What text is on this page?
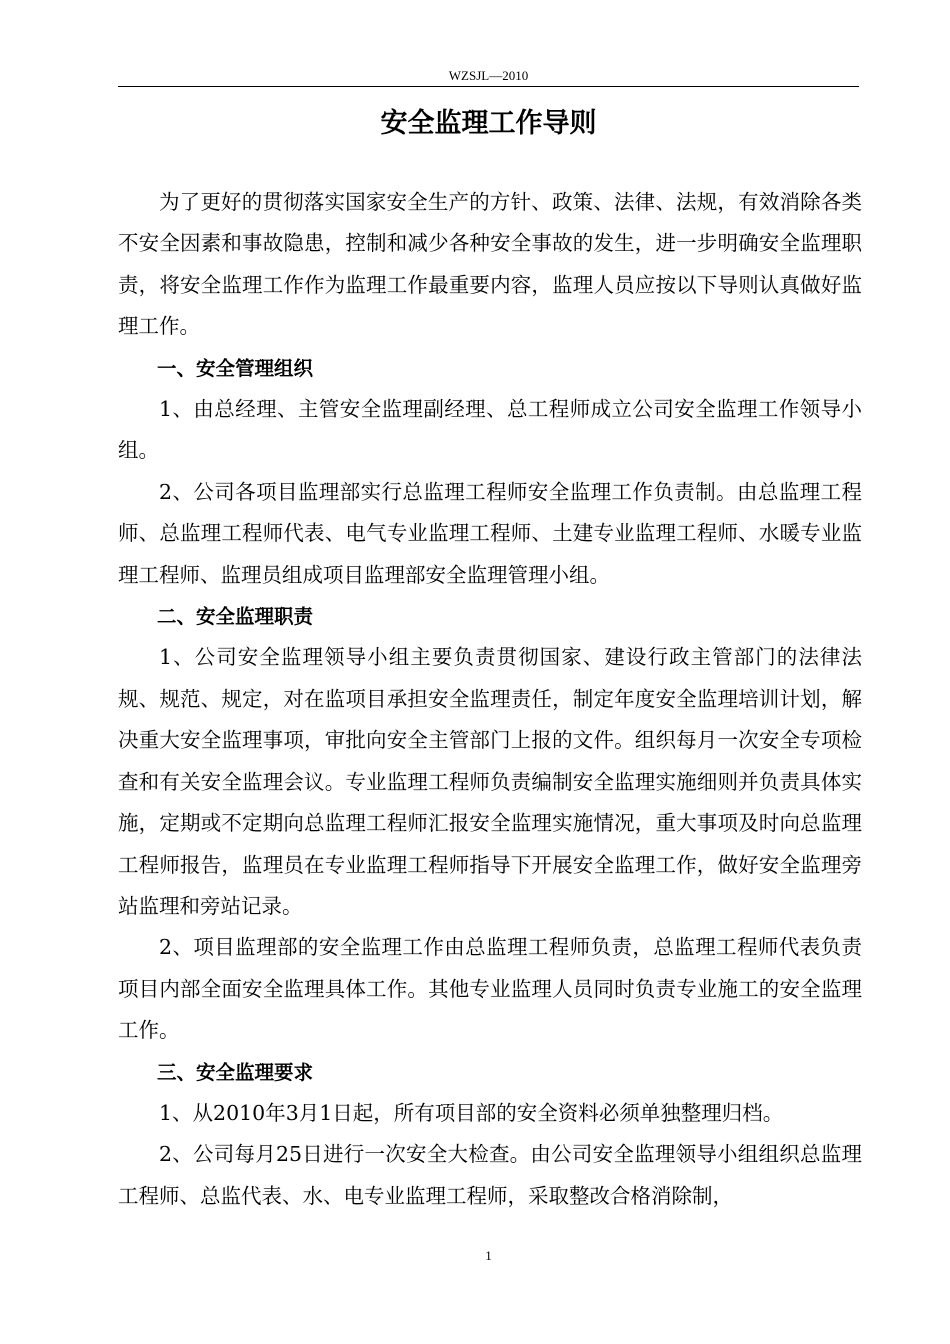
WZSJL—2010
安全监理工作导则

为了更好的贯彻落实国家安全生产的方针、政策、法律、法规，有效消除各类不安全因素和事故隐患，控制和减少各种安全事故的发生，进一步明确安全监理职责，将安全监理工作作为监理工作最重要内容，监理人员应按以下导则认真做好监理工作。

一、安全管理组织

1、由总经理、主管安全监理副经理、总工程师成立公司安全监理工作领导小组。

2、公司各项目监理部实行总监理工程师安全监理工作负责制。由总监理工程师、总监理工程师代表、电气专业监理工程师、土建专业监理工程师、水暖专业监理工程师、监理员组成项目监理部安全监理管理小组。

二、安全监理职责

1、公司安全监理领导小组主要负责贯彻国家、建设行政主管部门的法律法规、规范、规定，对在监项目承担安全监理责任，制定年度安全监理培训计划，解决重大安全监理事项，审批向安全主管部门上报的文件。组织每月一次安全专项检查和有关安全监理会议。专业监理工程师负责编制安全监理实施细则并负责具体实施，定期或不定期向总监理工程师汇报安全监理实施情况，重大事项及时向总监理工程师报告，监理员在专业监理工程师指导下开展安全监理工作，做好安全监理旁站监理和旁站记录。

2、项目监理部的安全监理工作由总监理工程师负责，总监理工程师代表负责项目内部全面安全监理具体工作。其他专业监理人员同时负责专业施工的安全监理工作。

三、安全监理要求

1、从2010年3月1日起，所有项目部的安全资料必须单独整理归档。

2、公司每月25日进行一次安全大检查。由公司安全监理领导小组组织总监理工程师、总监代表、水、电专业监理工程师，采取整改合格消除制，

1
